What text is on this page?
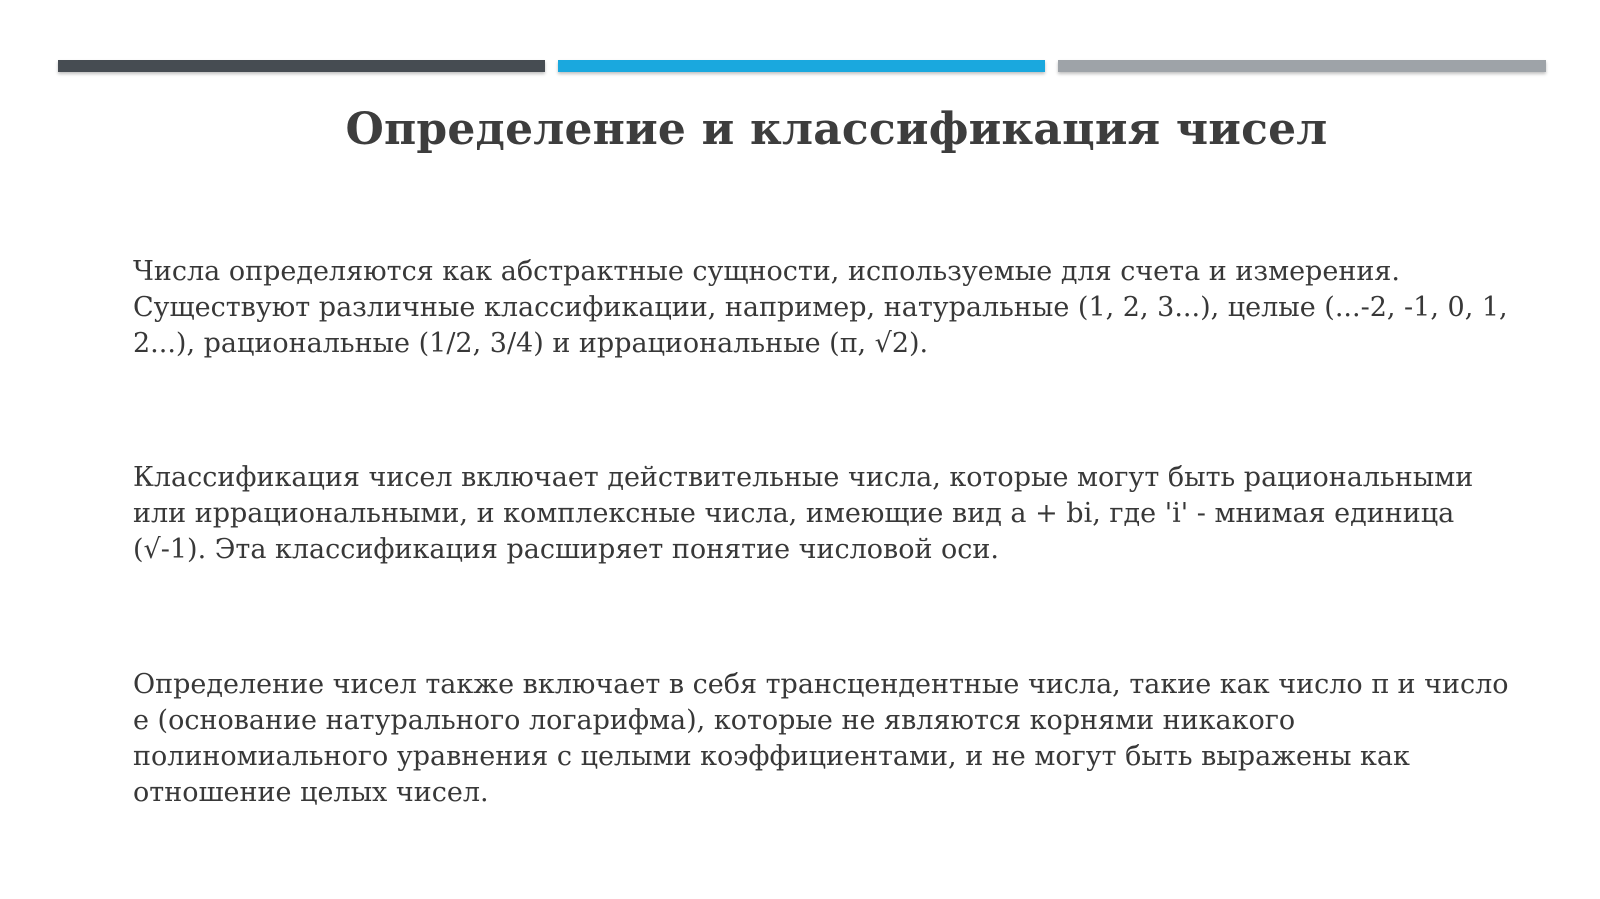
Определение и классификация чисел

Числа определяются как абстрактные сущности, используемые для счета и измерения. Существуют различные классификации, например, натуральные (1, 2, 3...), целые (...-2, -1, 0, 1, 2...), рациональные (1/2, 3/4) и иррациональные (π, √2).

Классификация чисел включает действительные числа, которые могут быть рациональными или иррациональными, и комплексные числа, имеющие вид a + bi, где 'i' - мнимая единица (√-1). Эта классификация расширяет понятие числовой оси.

Определение чисел также включает в себя трансцендентные числа, такие как число π и число e (основание натурального логарифма), которые не являются корнями никакого полиномиального уравнения с целыми коэффициентами, и не могут быть выражены как отношение целых чисел.
